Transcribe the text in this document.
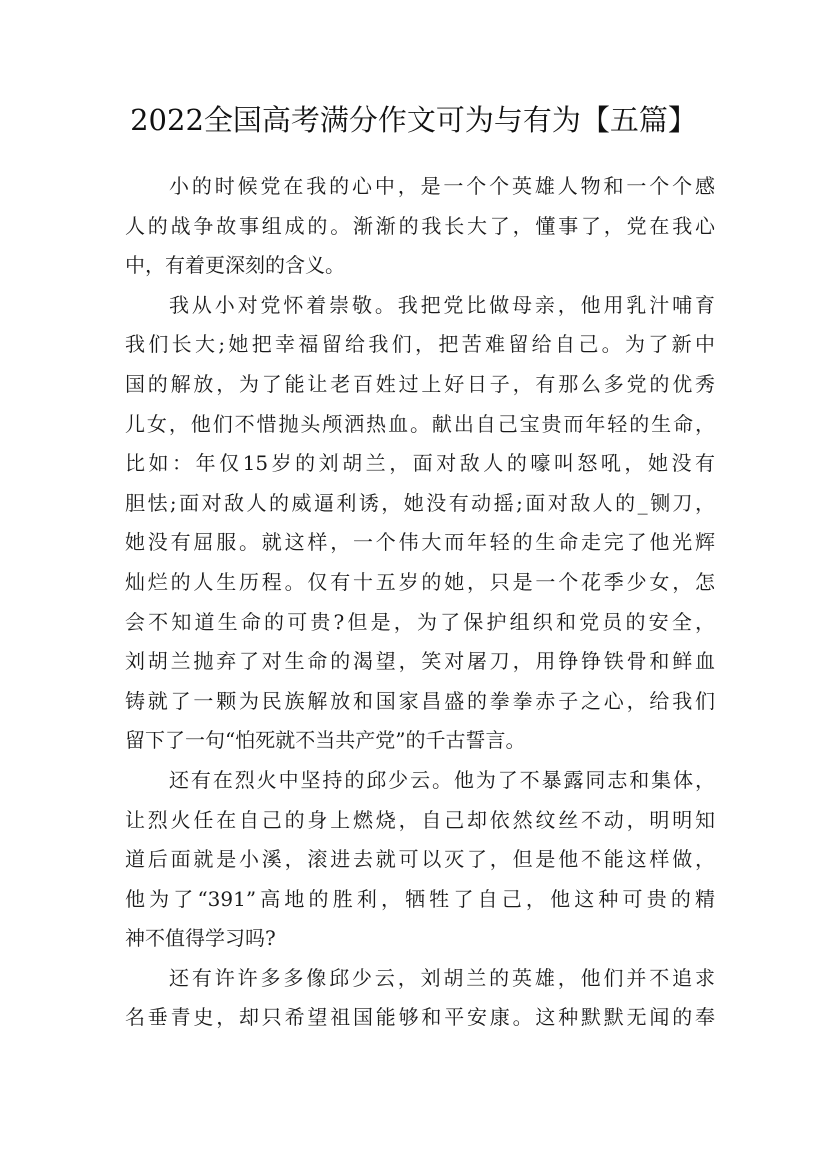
2022全国高考满分作文可为与有为【五篇】
小的时候党在我的心中，是一个个英雄人物和一个个感
人的战争故事组成的。渐渐的我长大了，懂事了，党在我心
中，有着更深刻的含义。
我从小对党怀着崇敬。我把党比做母亲，他用乳汁哺育
我们长大;她把幸福留给我们，把苦难留给自己。为了新中
国的解放，为了能让老百姓过上好日子，有那么多党的优秀
儿女，他们不惜抛头颅洒热血。献出自己宝贵而年轻的生命，
比如：年仅15岁的刘胡兰，面对敌人的嚎叫怒吼，她没有
胆怯;面对敌人的威逼利诱，她没有动摇;面对敌人的_铡刀，
她没有屈服。就这样，一个伟大而年轻的生命走完了他光辉
灿烂的人生历程。仅有十五岁的她，只是一个花季少女，怎
会不知道生命的可贵?但是，为了保护组织和党员的安全，
刘胡兰抛弃了对生命的渴望，笑对屠刀，用铮铮铁骨和鲜血
铸就了一颗为民族解放和国家昌盛的拳拳赤子之心，给我们
留下了一句“怕死就不当共产党”的千古誓言。
还有在烈火中坚持的邱少云。他为了不暴露同志和集体，
让烈火任在自己的身上燃烧，自己却依然纹丝不动，明明知
道后面就是小溪，滚进去就可以灭了，但是他不能这样做，
他为了“391”高地的胜利，牺牲了自己，他这种可贵的精
神不值得学习吗?
还有许许多多像邱少云，刘胡兰的英雄，他们并不追求
名垂青史，却只希望祖国能够和平安康。这种默默无闻的奉
